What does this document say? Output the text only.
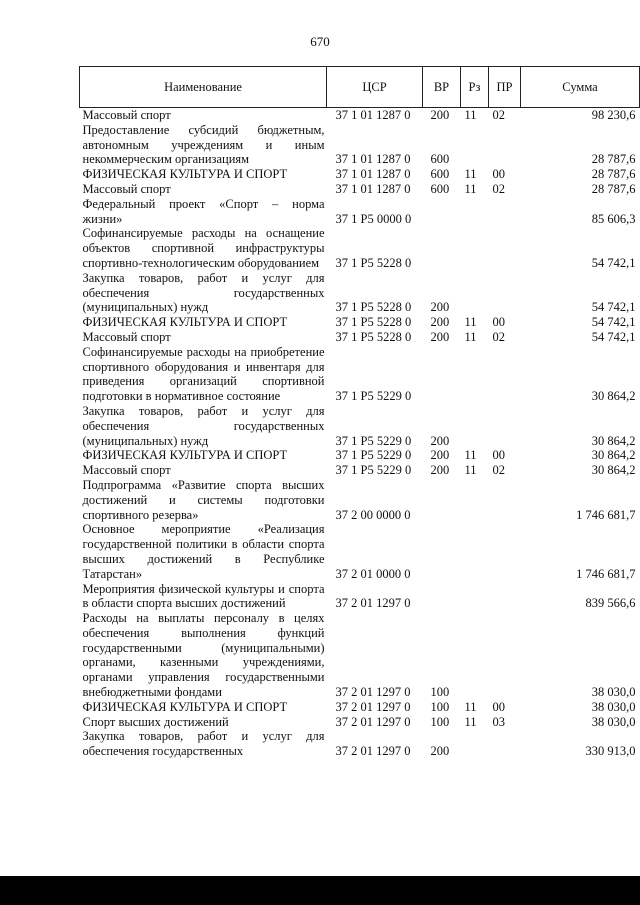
670
Наименование	ЦСР	ВР	Рз	ПР	Сумма
Массовый спорт	37 1 01 1287 0	200	11	02	98 230,6
Предоставление субсидий бюджетным, автономным учреждениям и иным некоммерческим организациям	37 1 01 1287 0	600			28 787,6
ФИЗИЧЕСКАЯ КУЛЬТУРА И СПОРТ	37 1 01 1287 0	600	11	00	28 787,6
Массовый спорт	37 1 01 1287 0	600	11	02	28 787,6
Федеральный проект «Спорт – норма жизни»	37 1 P5 0000 0				85 606,3
Софинансируемые расходы на оснащение объектов спортивной инфраструктуры спортивно-технологическим оборудованием	37 1 P5 5228 0				54 742,1
Закупка товаров, работ и услуг для обеспечения государственных (муниципальных) нужд	37 1 P5 5228 0	200			54 742,1
ФИЗИЧЕСКАЯ КУЛЬТУРА И СПОРТ	37 1 P5 5228 0	200	11	00	54 742,1
Массовый спорт	37 1 P5 5228 0	200	11	02	54 742,1
Софинансируемые расходы на приобретение спортивного оборудования и инвентаря для приведения организаций спортивной подготовки в нормативное состояние	37 1 P5 5229 0				30 864,2
Закупка товаров, работ и услуг для обеспечения государственных (муниципальных) нужд	37 1 P5 5229 0	200			30 864,2
ФИЗИЧЕСКАЯ КУЛЬТУРА И СПОРТ	37 1 P5 5229 0	200	11	00	30 864,2
Массовый спорт	37 1 P5 5229 0	200	11	02	30 864,2
Подпрограмма «Развитие спорта высших достижений и системы подготовки спортивного резерва»	37 2 00 0000 0				1 746 681,7
Основное мероприятие «Реализация государственной политики в области спорта высших достижений в Республике Татарстан»	37 2 01 0000 0				1 746 681,7
Мероприятия физической культуры и спорта в области спорта высших достижений	37 2 01 1297 0				839 566,6
Расходы на выплаты персоналу в целях обеспечения выполнения функций государственными (муниципальными) органами, казенными учреждениями, органами управления государственными внебюджетными фондами	37 2 01 1297 0	100			38 030,0
ФИЗИЧЕСКАЯ КУЛЬТУРА И СПОРТ	37 2 01 1297 0	100	11	00	38 030,0
Спорт высших достижений	37 2 01 1297 0	100	11	03	38 030,0
Закупка товаров, работ и услуг для обеспечения государственных	37 2 01 1297 0	200			330 913,0
